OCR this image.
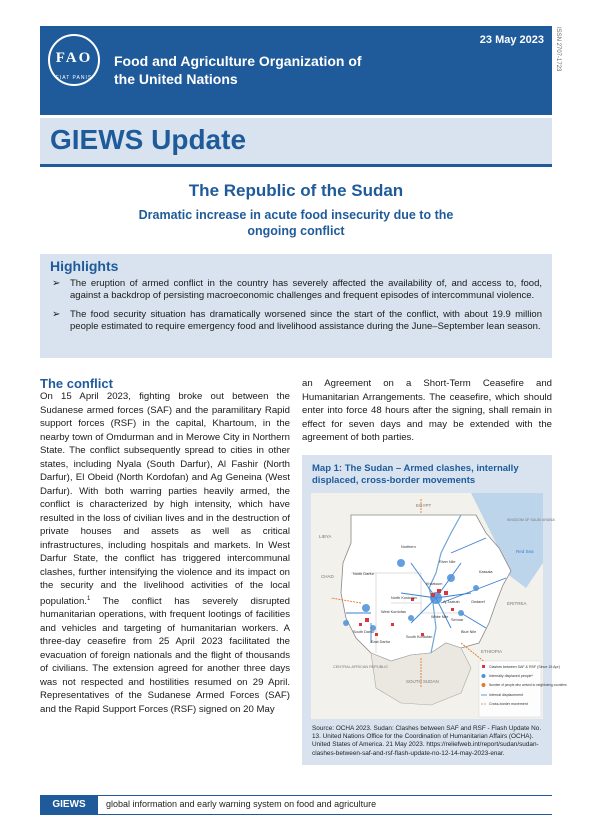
FAO
FIAT PANIS
Food and Agriculture Organization of the United Nations
23 May 2023 ISSN 2707-1723
GIEWS Update
The Republic of the Sudan
Dramatic increase in acute food insecurity due to the ongoing conflict
Highlights
➢ The eruption of armed conflict in the country has severely affected the availability of, and access to, food, against a backdrop of persisting macroeconomic challenges and frequent episodes of intercommunal violence.
➢ The food security situation has dramatically worsened since the start of the conflict, with about 19.9 million people estimated to require emergency food and livelihood assistance during the June–September lean season.
The conflict
On 15 April 2023, fighting broke out between the Sudanese armed forces (SAF) and the paramilitary Rapid support forces (RSF) in the capital, Khartoum, in the nearby town of Omdurman and in Merowe City in Northern State. The conflict subsequently spread to cities in other states, including Nyala (South Darfur), Al Fashir (North Darfur), El Obeid (North Kordofan) and Ag Geneina (West Darfur). With both warring parties heavily armed, the conflict is characterized by high intensity, which have resulted in the loss of civilian lives and in the destruction of private houses and assets as well as critical infrastructures, including hospitals and markets. In West Darfur State, the conflict has triggered intercommunal clashes, further intensifying the violence and its impact on the security and the livelihood activities of the local population.$^1$ The conflict has severely disrupted humanitarian operations, with frequent lootings of facilities and vehicles and targeting of humanitarian workers. A three-day ceasefire from 25 April 2023 facilitated the evacuation of foreign nationals and the flight of thousands of civilians. The extension agreed for another three days was not respected and hostilities resumed on 29 April. Representatives of the Sudanese Armed Forces (SAF) and the Rapid Support Forces (RSF) signed on 20 May
an Agreement on a Short-Term Ceasefire and Humanitarian Arrangements. The ceasefire, which should enter into force 48 hours after the signing, shall remain in effect for seven days and may be extended with the agreement of both parties.
Map 1: The Sudan – Armed clashes, internally displaced, cross-border movements
EGYPT
LIBYA
CHAD
ERITREA
ETHIOPIA
CENTRAL AFRICAN REPUBLIC
SOUTH SUDAN
KINGDOM OF SAUDI ARABIA
Red Sea
Northern
River Nile
North Darfur
Khartoum
Kassala
North Kordofan
White Nile
Sennar
West Kordofan
South Darfur
East Darfur
South Kordofan
Blue Nile
Gedaref
Aj Jazirah
Clashes between SAF & RSF (Since 15 Apr)
Internally displaced people*
Number of people who arrived to neighboring countries
Internal displacement
Cross-border movement
Source: OCHA 2023. Sudan: Clashes between SAF and RSF - Flash Update No. 13. United Nations Office for the Coordination of Humanitarian Affairs (OCHA). United States of America. 21 May 2023. https://reliefweb.int/report/sudan/sudan-clashes-between-saf-and-rsf-flash-update-no-12-14-may-2023-enar.
GIEWS	global information and early warning system on food and agriculture
